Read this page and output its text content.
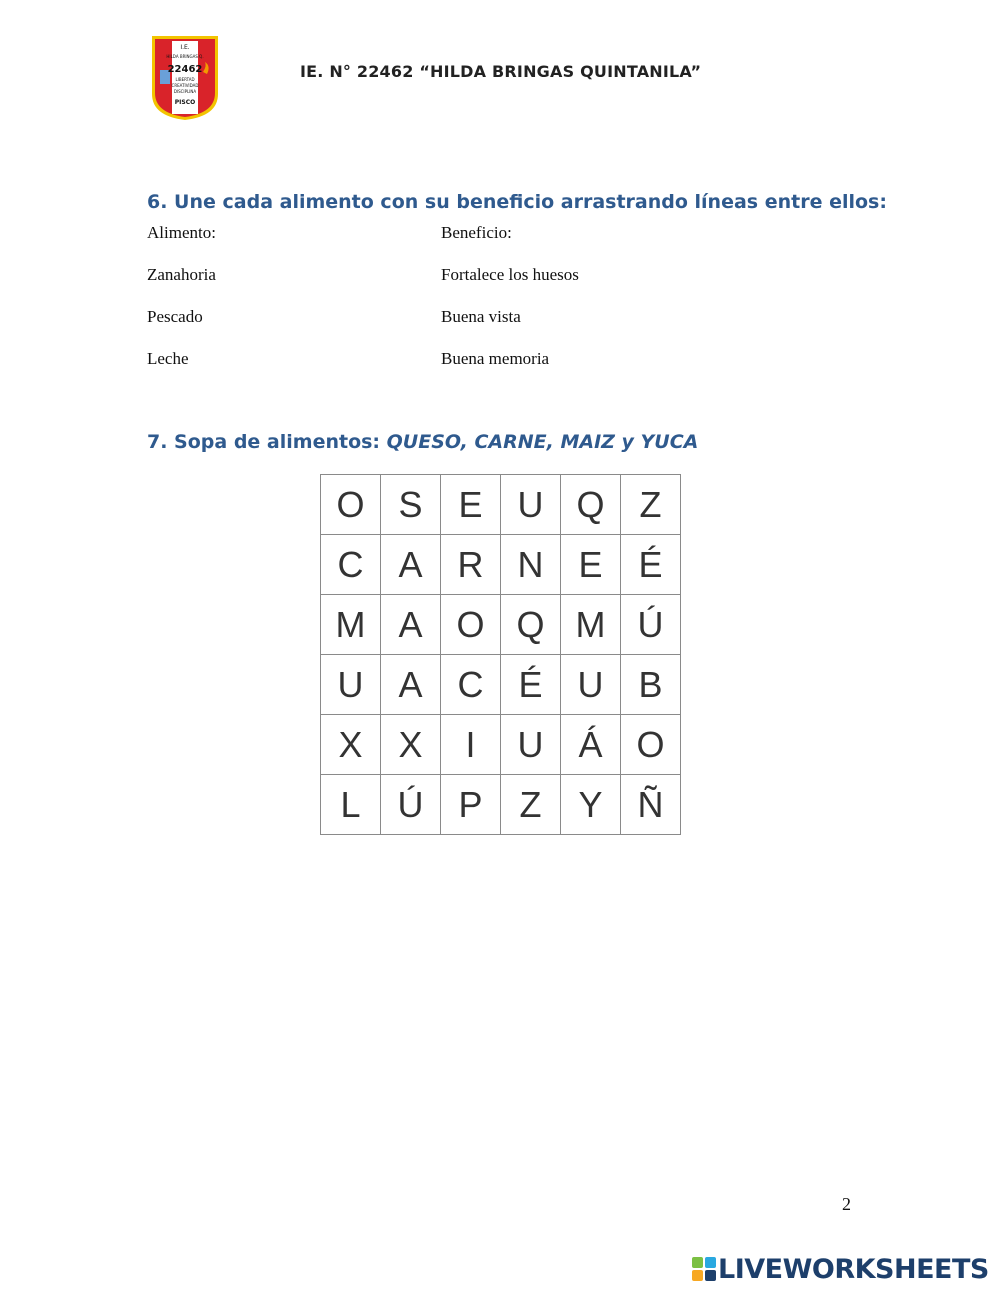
I.E.
HILDA BRINGAS Q.
22462
LIBERTAD
CREATIVIDAD
DISCIPLINA
PISCO
IE. N° 22462 “HILDA BRINGAS QUINTANILA”
6. Une cada alimento con su beneficio arrastrando líneas entre ellos:
Alimento:	Beneficio:
Zanahoria	Fortalece los huesos
Pescado	Buena vista
Leche	Buena memoria
7. Sopa de alimentos: QUESO, CARNE, MAIZ y YUCA
O	S	E	U	Q	Z
C	A	R	N	E	É
M	A	O	Q	M	Ú
U	A	C	É	U	B
X	X	I	U	Á	O
L	Ú	P	Z	Y	Ñ
2
LIVEWORKSHEETS
